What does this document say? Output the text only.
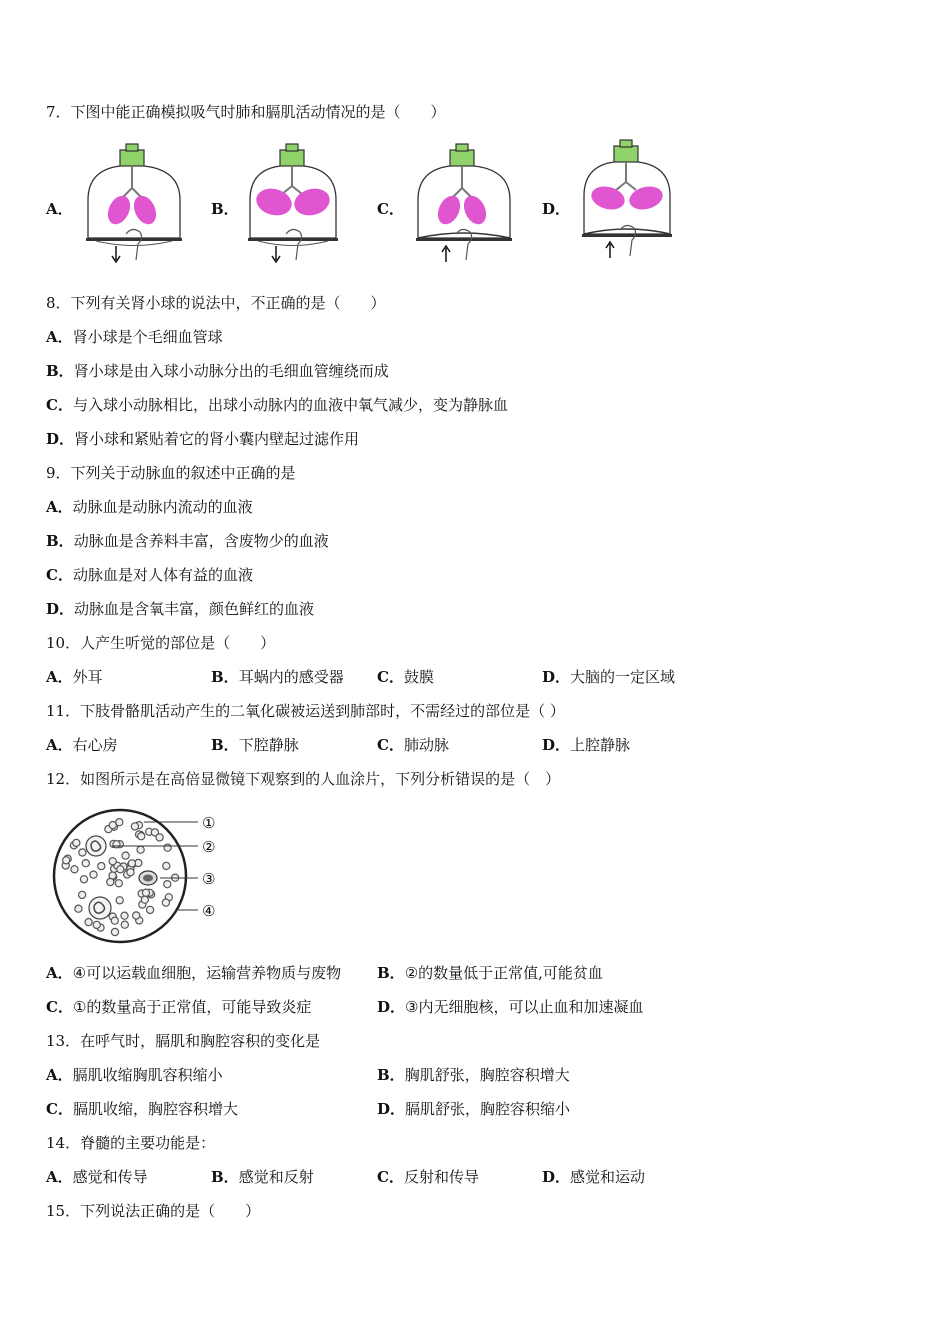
7．下图中能正确模拟吸气时肺和膈肌活动情况的是（　　）
A．	B．	C．	D．
8．下列有关肾小球的说法中，不正确的是（　　）
A．肾小球是个毛细血管球
B．肾小球是由入球小动脉分出的毛细血管缠绕而成
C．与入球小动脉相比，出球小动脉内的血液中氧气减少，变为静脉血
D．肾小球和紧贴着它的肾小囊内壁起过滤作用
9．下列关于动脉血的叙述中正确的是
A．动脉血是动脉内流动的血液
B．动脉血是含养料丰富，含废物少的血液
C．动脉血是对人体有益的血液
D．动脉血是含氧丰富，颜色鲜红的血液
10．人产生听觉的部位是（　　）
A．外耳	B．耳蜗内的感受器 C．鼓膜	D．大脑的一定区域
11．下肢骨骼肌活动产生的二氧化碳被运送到肺部时，不需经过的部位是（ ）
A．右心房	B．下腔静脉	C．肺动脉	D．上腔静脉
12．如图所示是在高倍显微镜下观察到的人血涂片，下列分析错误的是（　）
①
②
③
④
A．④可以运载血细胞，运输营养物质与废物 B．②的数量低于正常值,可能贫血
C．①的数量高于正常值，可能导致炎症	D．③内无细胞核，可以止血和加速凝血
13．在呼气时，膈肌和胸腔容积的变化是
A．膈肌收缩胸肌容积缩小	B．胸肌舒张，胸腔容积增大
C．膈肌收缩，胸腔容积增大	D．膈肌舒张，胸腔容积缩小
14．脊髓的主要功能是：
A．感觉和传导	B．感觉和反射	C．反射和传导	D．感觉和运动
15．下列说法正确的是（　　）
